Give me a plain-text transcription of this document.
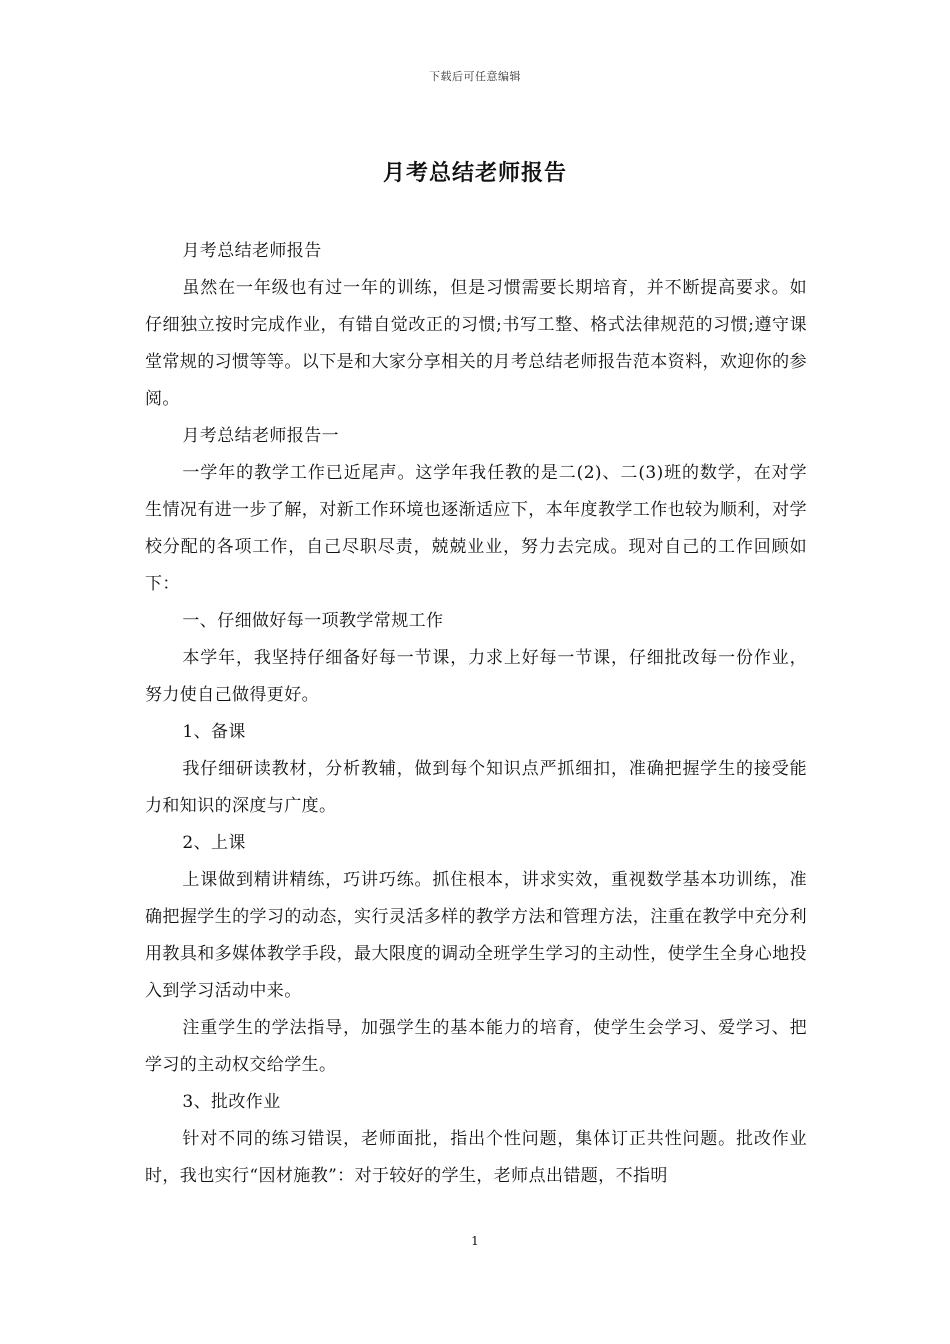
下载后可任意编辑
月考总结老师报告

月考总结老师报告

虽然在一年级也有过一年的训练，但是习惯需要长期培育，并不断提高要求。如仔细独立按时完成作业，有错自觉改正的习惯;书写工整、格式法律规范的习惯;遵守课堂常规的习惯等等。以下是和大家分享相关的月考总结老师报告范本资料，欢迎你的参阅。

月考总结老师报告一

一学年的教学工作已近尾声。这学年我任教的是二(2)、二(3)班的数学，在对学生情况有进一步了解，对新工作环境也逐渐适应下，本年度教学工作也较为顺利，对学校分配的各项工作，自己尽职尽责，兢兢业业，努力去完成。现对自己的工作回顾如下：

一、仔细做好每一项教学常规工作

本学年，我坚持仔细备好每一节课，力求上好每一节课，仔细批改每一份作业，努力使自己做得更好。

1、备课

我仔细研读教材，分析教辅，做到每个知识点严抓细扣，准确把握学生的接受能力和知识的深度与广度。

2、上课

上课做到精讲精练，巧讲巧练。抓住根本，讲求实效，重视数学基本功训练，准确把握学生的学习的动态，实行灵活多样的教学方法和管理方法，注重在教学中充分利用教具和多媒体教学手段，最大限度的调动全班学生学习的主动性，使学生全身心地投入到学习活动中来。

注重学生的学法指导，加强学生的基本能力的培育，使学生会学习、爱学习、把学习的主动权交给学生。

3、批改作业

针对不同的练习错误，老师面批，指出个性问题，集体订正共性问题。批改作业时，我也实行“因材施教”：对于较好的学生，老师点出错题，不指明

1
